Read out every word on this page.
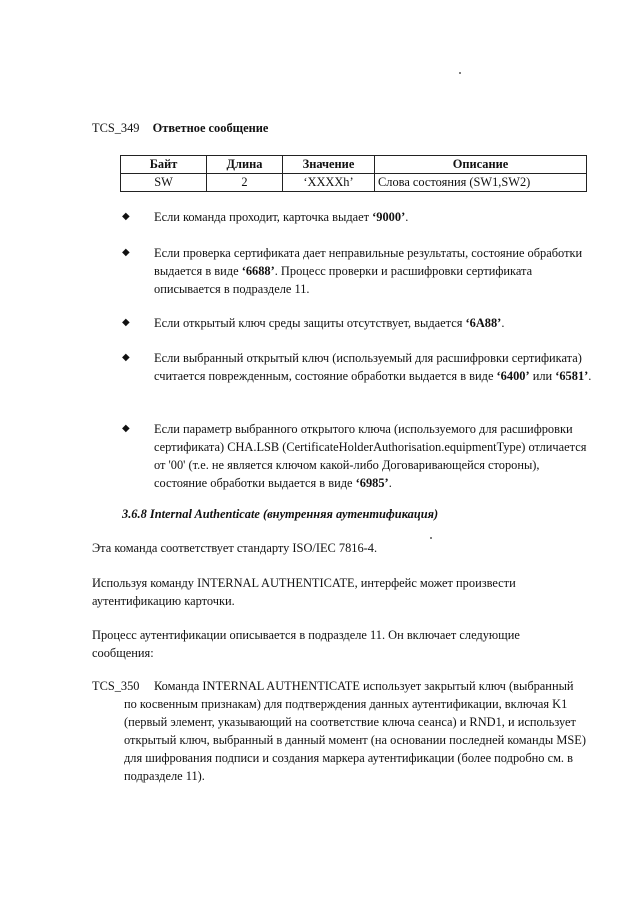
TCS_349 Ответное сообщение
Байт	Длина	Значение	Описание
SW	2	‘XXXXh’	Слова состояния (SW1,SW2)
◆ Если команда проходит, карточка выдает ‘9000’.
◆ Если проверка сертификата дает неправильные результаты, состояние обработки выдается в виде ‘6688’. Процесс проверки и расшифровки сертификата описывается в подразделе 11.
◆ Если открытый ключ среды защиты отсутствует, выдается ‘6A88’.
◆ Если выбранный открытый ключ (используемый для расшифровки сертификата) считается поврежденным, состояние обработки выдается в виде ‘6400’ или ‘6581’.
◆ Если параметр выбранного открытого ключа (используемого для расшифровки сертификата) CHA.LSB (CertificateHolderAuthorisation.equipmentType) отличается от '00' (т.е. не является ключом какой-либо Договаривающейся стороны), состояние обработки выдается в виде ‘6985’.
3.6.8 Internal Authenticate (внутренняя аутентификация)
Эта команда соответствует стандарту ISO/IEC 7816-4.
Используя команду INTERNAL AUTHENTICATE, интерфейс может произвести аутентификацию карточки.
Процесс аутентификации описывается в подразделе 11. Он включает следующие сообщения:
TCS_350	Команда INTERNAL AUTHENTICATE использует закрытый ключ (выбранный по косвенным признакам) для подтверждения данных аутентификации, включая K1 (первый элемент, указывающий на соответствие ключа сеанса) и RND1, и использует открытый ключ, выбранный в данный момент (на основании последней команды MSE) для шифрования подписи и создания маркера аутентификации (более подробно см. в подразделе 11).
